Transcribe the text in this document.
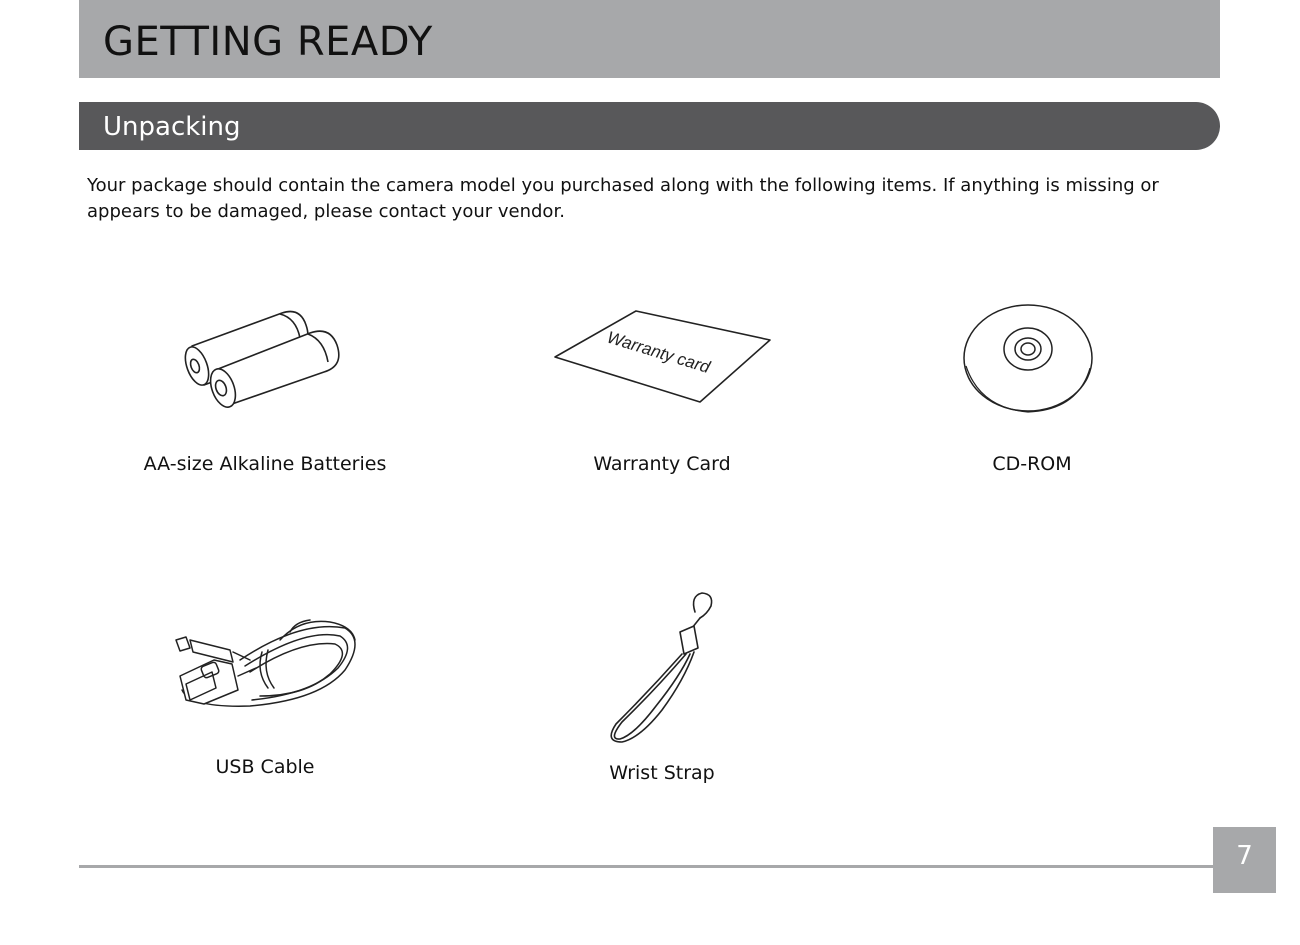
GETTING READY
Unpacking

Your package should contain the camera model you purchased along with the following items. If anything is missing or appears to be damaged, please contact your vendor.

AA-size Alkaline Batteries
Warranty card
Warranty Card	CD-ROM
USB Cable	Wrist Strap
7
